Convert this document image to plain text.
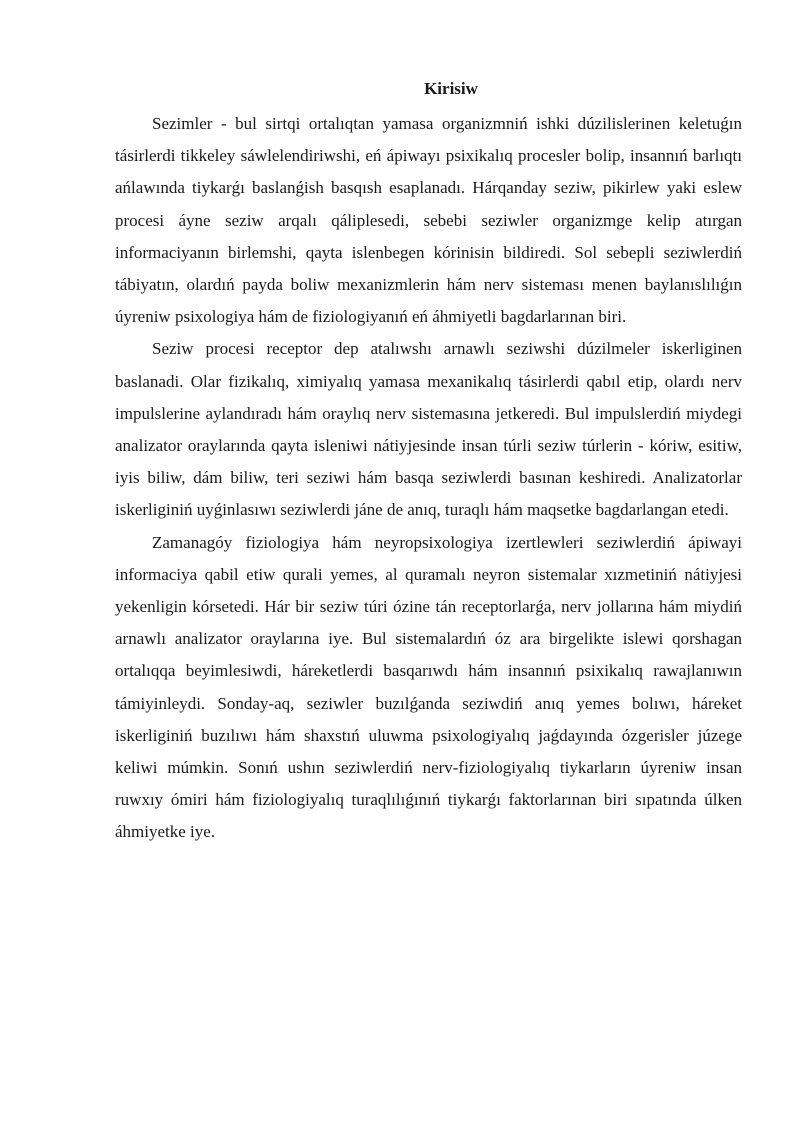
Kirisiw

Sezimler - bul sirtqi ortalıqtan yamasa organizmniń ishki dúzilislerinen keletuǵın tásirlerdi tikkeley sáwlelendiriwshi, eń ápiwayı psixikalıq procesler bolip, insannıń barlıqtı ańlawında tiykarǵı baslanǵish basqısh esaplanadı. Hárqanday seziw, pikirlew yaki eslew procesi áyne seziw arqalı qáliplesedi, sebebi seziwler organizmge kelip atırgan informaciyanın birlemshi, qayta islenbegen kórinisin bildiredi. Sol sebepli seziwlerdiń tábiyatın, olardıń payda boliw mexanizmlerin hám nerv sisteması menen baylanıslılıǵın úyreniw psixologiya hám de fiziologiyanıń eń áhmiyetli bagdarlarınan biri.

Seziw procesi receptor dep atalıwshı arnawlı seziwshi dúzilmeler iskerliginen baslanadi. Olar fizikalıq, ximiyalıq yamasa mexanikalıq tásirlerdi qabıl etip, olardı nerv impulslerine aylandıradı hám oraylıq nerv sistemasına jetkeredi. Bul impulslerdiń miydegi analizator oraylarında qayta isleniwi nátiyjesinde insan túrli seziw túrlerin - kóriw, esitiw, iyis biliw, dám biliw, teri seziwi hám basqa seziwlerdi basınan keshiredi. Analizatorlar iskerliginiń uyǵinlasıwı seziwlerdi jáne de anıq, turaqlı hám maqsetke bagdarlangan etedi.

Zamanagóy fiziologiya hám neyropsixologiya izertlewleri seziwlerdiń ápiwayi informaciya qabil etiw qurali yemes, al quramalı neyron sistemalar xızmetiniń nátiyjesi yekenligin kórsetedi. Hár bir seziw túri ózine tán receptorlarǵa, nerv jollarına hám miydiń arnawlı analizator oraylarına iye. Bul sistemalardıń óz ara birgelikte islewi qorshagan ortalıqqa beyimlesiwdi, háreketlerdi basqarıwdı hám insannıń psixikalıq rawajlanıwın támiyinleydi. Sonday-aq, seziwler buzılǵanda seziwdiń anıq yemes bolıwı, háreket iskerliginiń buzılıwı hám shaxstıń uluwma psixologiyalıq jaǵdayında ózgerisler júzege keliwi múmkin. Sonıń ushın seziwlerdiń nerv-fiziologiyalıq tiykarların úyreniw insan ruwxıy ómiri hám fiziologiyalıq turaqlılıǵınıń tiykarǵı faktorlarınan biri sıpatında úlken áhmiyetke iye.
